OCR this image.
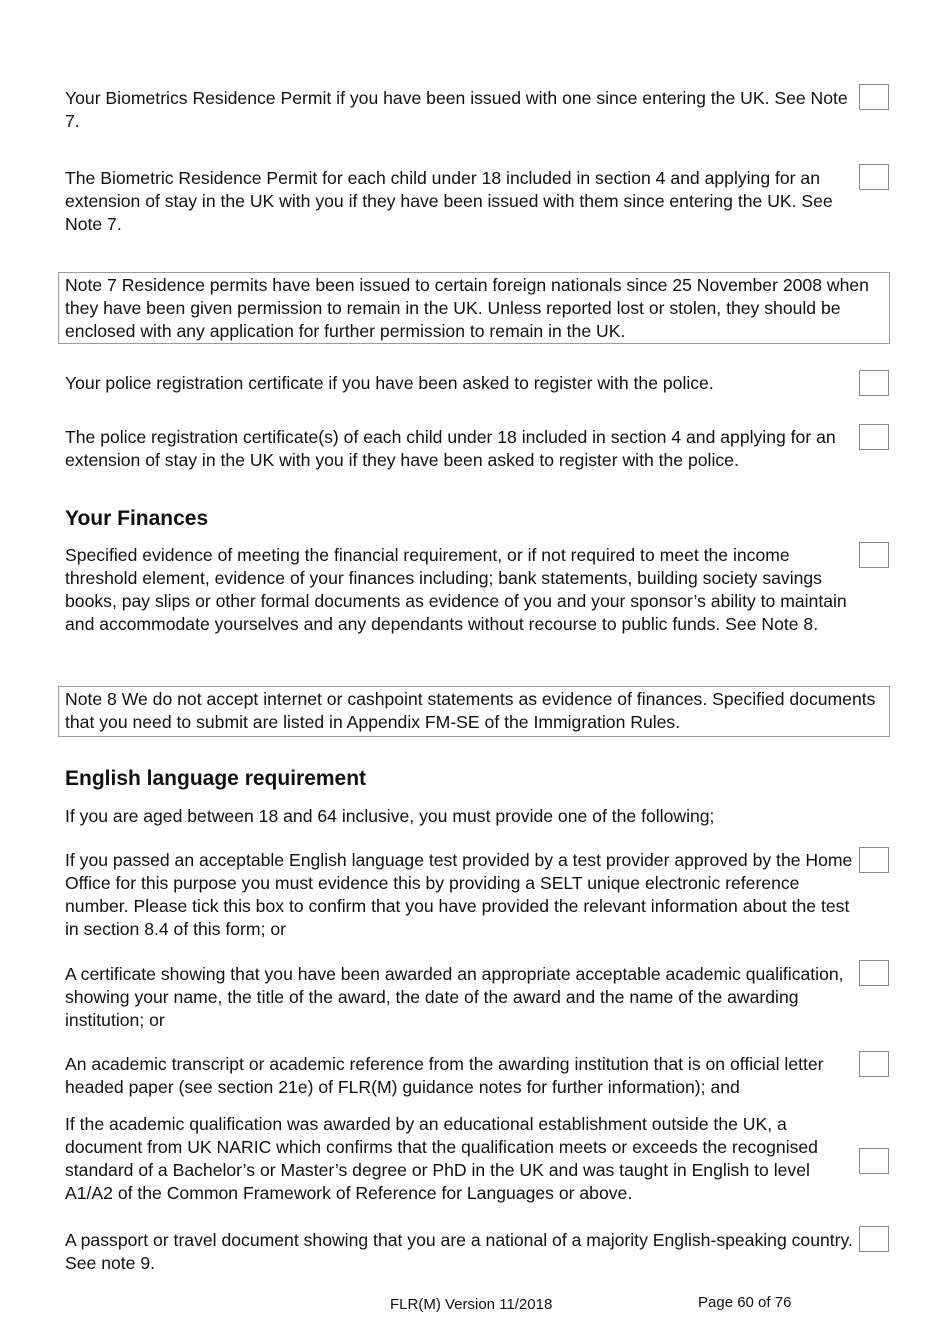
Your Biometrics Residence Permit if you have been issued with one since entering the UK. See Note 7.

The Biometric Residence Permit for each child under 18 included in section 4 and applying for an extension of stay in the UK with you if they have been issued with them since entering the UK. See Note 7.

Note 7 Residence permits have been issued to certain foreign nationals since 25 November 2008 when they have been given permission to remain in the UK. Unless reported lost or stolen, they should be enclosed with any application for further permission to remain in the UK.

Your police registration certificate if you have been asked to register with the police.

The police registration certificate(s) of each child under 18 included in section 4 and applying for an extension of stay in the UK with you if they have been asked to register with the police.

Your Finances

Specified evidence of meeting the financial requirement, or if not required to meet the income threshold element, evidence of your finances including; bank statements, building society savings books, pay slips or other formal documents as evidence of you and your sponsor’s ability to maintain and accommodate yourselves and any dependants without recourse to public funds. See Note 8.

Note 8 We do not accept internet or cashpoint statements as evidence of finances. Specified documents that you need to submit are listed in Appendix FM-SE of the Immigration Rules.
English language requirement

If you are aged between 18 and 64 inclusive, you must provide one of the following;

If you passed an acceptable English language test provided by a test provider approved by the Home Office for this purpose you must evidence this by providing a SELT unique electronic reference number. Please tick this box to confirm that you have provided the relevant information about the test in section 8.4 of this form; or

A certificate showing that you have been awarded an appropriate acceptable academic qualification, showing your name, the title of the award, the date of the award and the name of the awarding institution; or

An academic transcript or academic reference from the awarding institution that is on official letter headed paper (see section 21e) of FLR(M) guidance notes for further information); and

If the academic qualification was awarded by an educational establishment outside the UK, a document from UK NARIC which confirms that the qualification meets or exceeds the recognised standard of a Bachelor’s or Master’s degree or PhD in the UK and was taught in English to level A1/A2 of the Common Framework of Reference for Languages or above.

A passport or travel document showing that you are a national of a majority English-speaking country. See note 9.

FLR(M) Version 11/2018	Page 60 of 76
